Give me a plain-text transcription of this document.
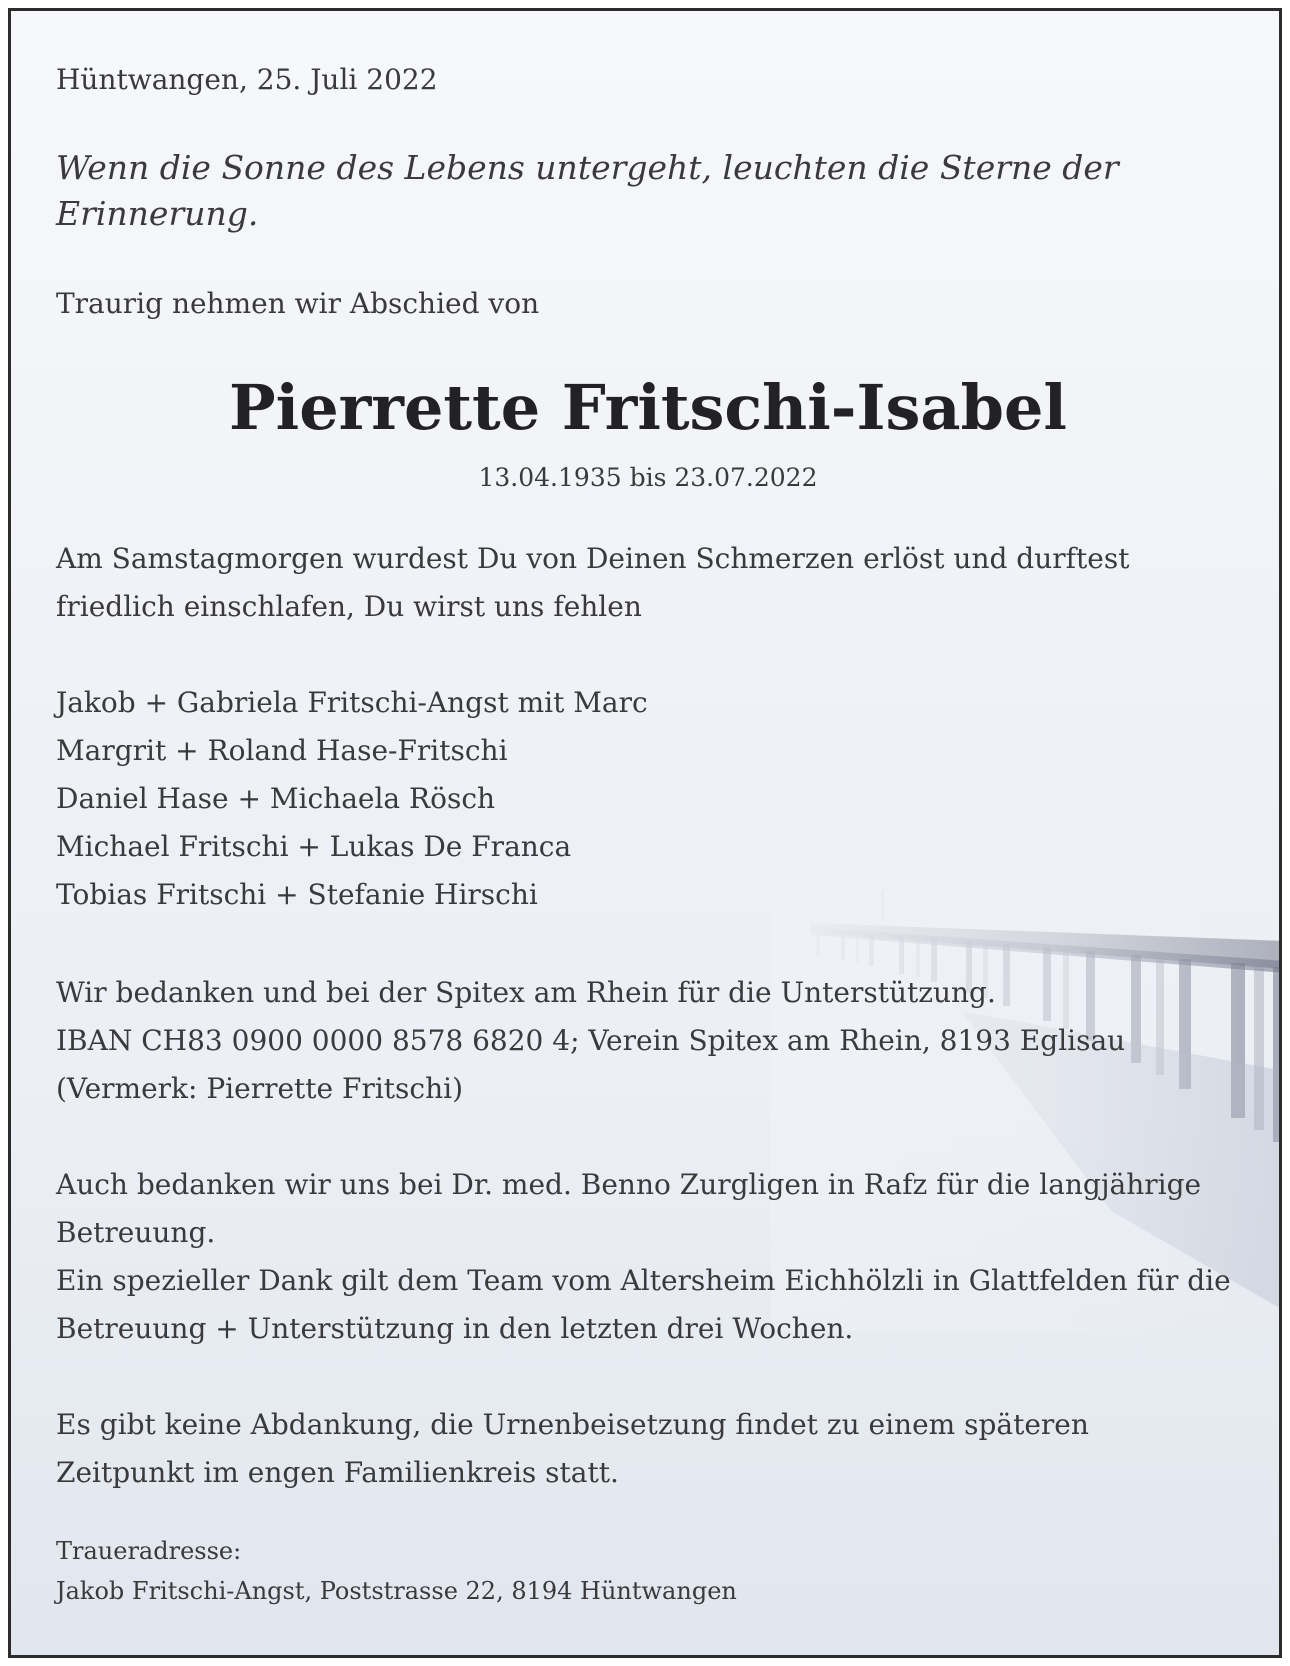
Hüntwangen, 25. Juli 2022

Wenn die Sonne des Lebens untergeht, leuchten die Sterne der Erinnerung.

Traurig nehmen wir Abschied von

Pierrette Fritschi-Isabel

13.04.1935 bis 23.07.2022

Am Samstagmorgen wurdest Du von Deinen Schmerzen erlöst und durftest friedlich einschlafen, Du wirst uns fehlen

Jakob + Gabriela Fritschi-Angst mit Marc
Margrit + Roland Hase-Fritschi
Daniel Hase + Michaela Rösch
Michael Fritschi + Lukas De Franca
Tobias Fritschi + Stefanie Hirschi
Wir bedanken und bei der Spitex am Rhein für die Unterstützung.
IBAN CH83 0900 0000 8578 6820 4; Verein Spitex am Rhein, 8193 Eglisau (Vermerk: Pierrette Fritschi)
Auch bedanken wir uns bei Dr. med. Benno Zurgligen in Rafz für die langjährige Betreuung.
Ein spezieller Dank gilt dem Team vom Altersheim Eichhölzli in Glattfelden für die Betreuung + Unterstützung in den letzten drei Wochen.

Es gibt keine Abdankung, die Urnenbeisetzung findet zu einem späteren Zeitpunkt im engen Familienkreis statt.

Traueradresse:
Jakob Fritschi-Angst, Poststrasse 22, 8194 Hüntwangen
